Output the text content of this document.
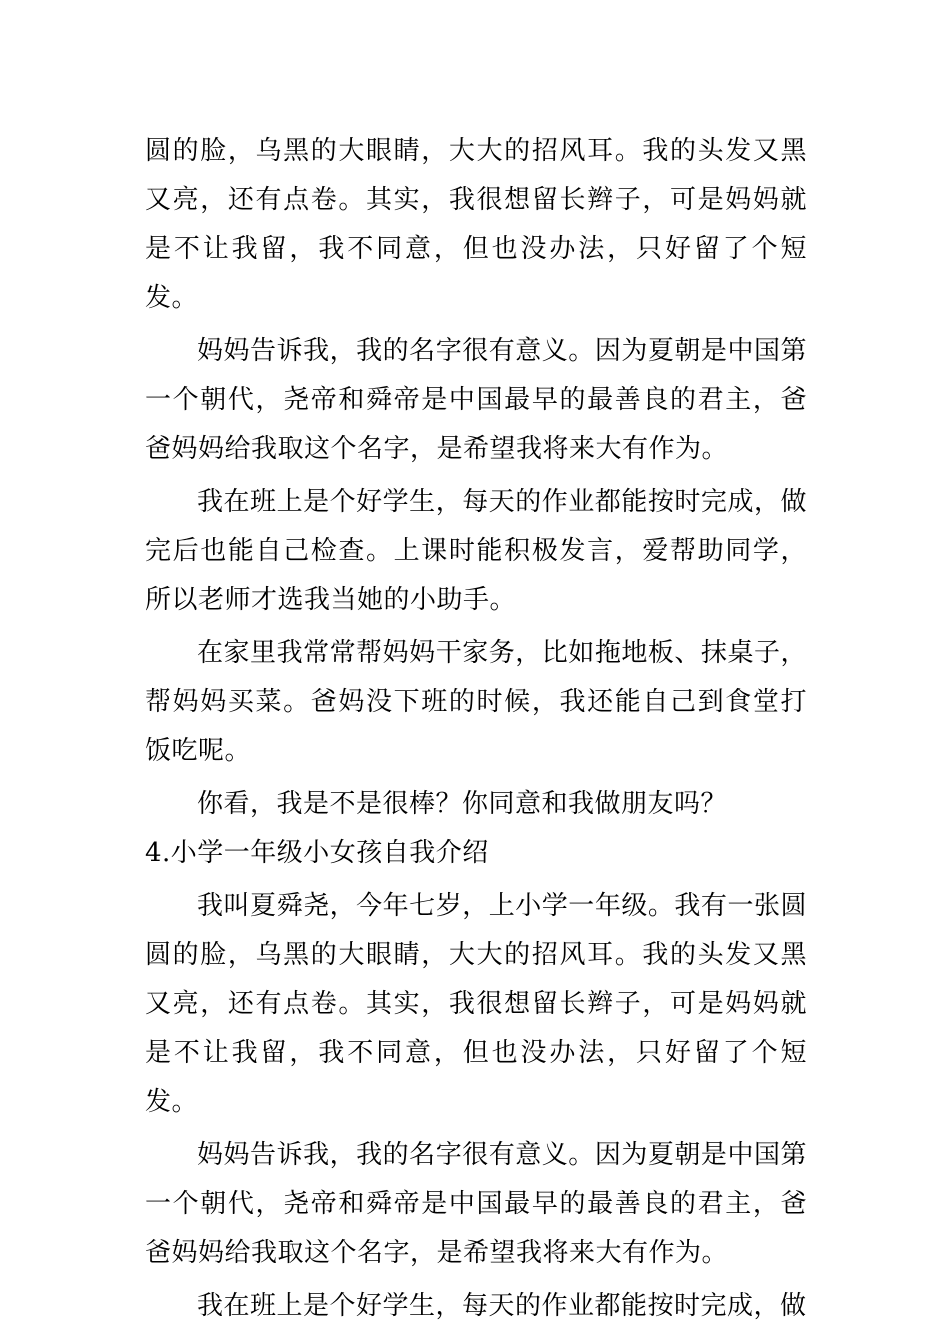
圆的脸，乌黑的大眼睛，大大的招风耳。我的头发又黑又亮，还有点卷。其实，我很想留长辫子，可是妈妈就是不让我留，我不同意，但也没办法，只好留了个短发。

妈妈告诉我，我的名字很有意义。因为夏朝是中国第一个朝代，尧帝和舜帝是中国最早的最善良的君主，爸爸妈妈给我取这个名字，是希望我将来大有作为。

我在班上是个好学生，每天的作业都能按时完成，做完后也能自己检查。上课时能积极发言，爱帮助同学，所以老师才选我当她的小助手。

在家里我常常帮妈妈干家务，比如拖地板、抹桌子，帮妈妈买菜。爸妈没下班的时候，我还能自己到食堂打饭吃呢。

你看，我是不是很棒？你同意和我做朋友吗？

4.小学一年级小女孩自我介绍

我叫夏舜尧，今年七岁，上小学一年级。我有一张圆圆的脸，乌黑的大眼睛，大大的招风耳。我的头发又黑又亮，还有点卷。其实，我很想留长辫子，可是妈妈就是不让我留，我不同意，但也没办法，只好留了个短发。

妈妈告诉我，我的名字很有意义。因为夏朝是中国第一个朝代，尧帝和舜帝是中国最早的最善良的君主，爸爸妈妈给我取这个名字，是希望我将来大有作为。

我在班上是个好学生，每天的作业都能按时完成，做
